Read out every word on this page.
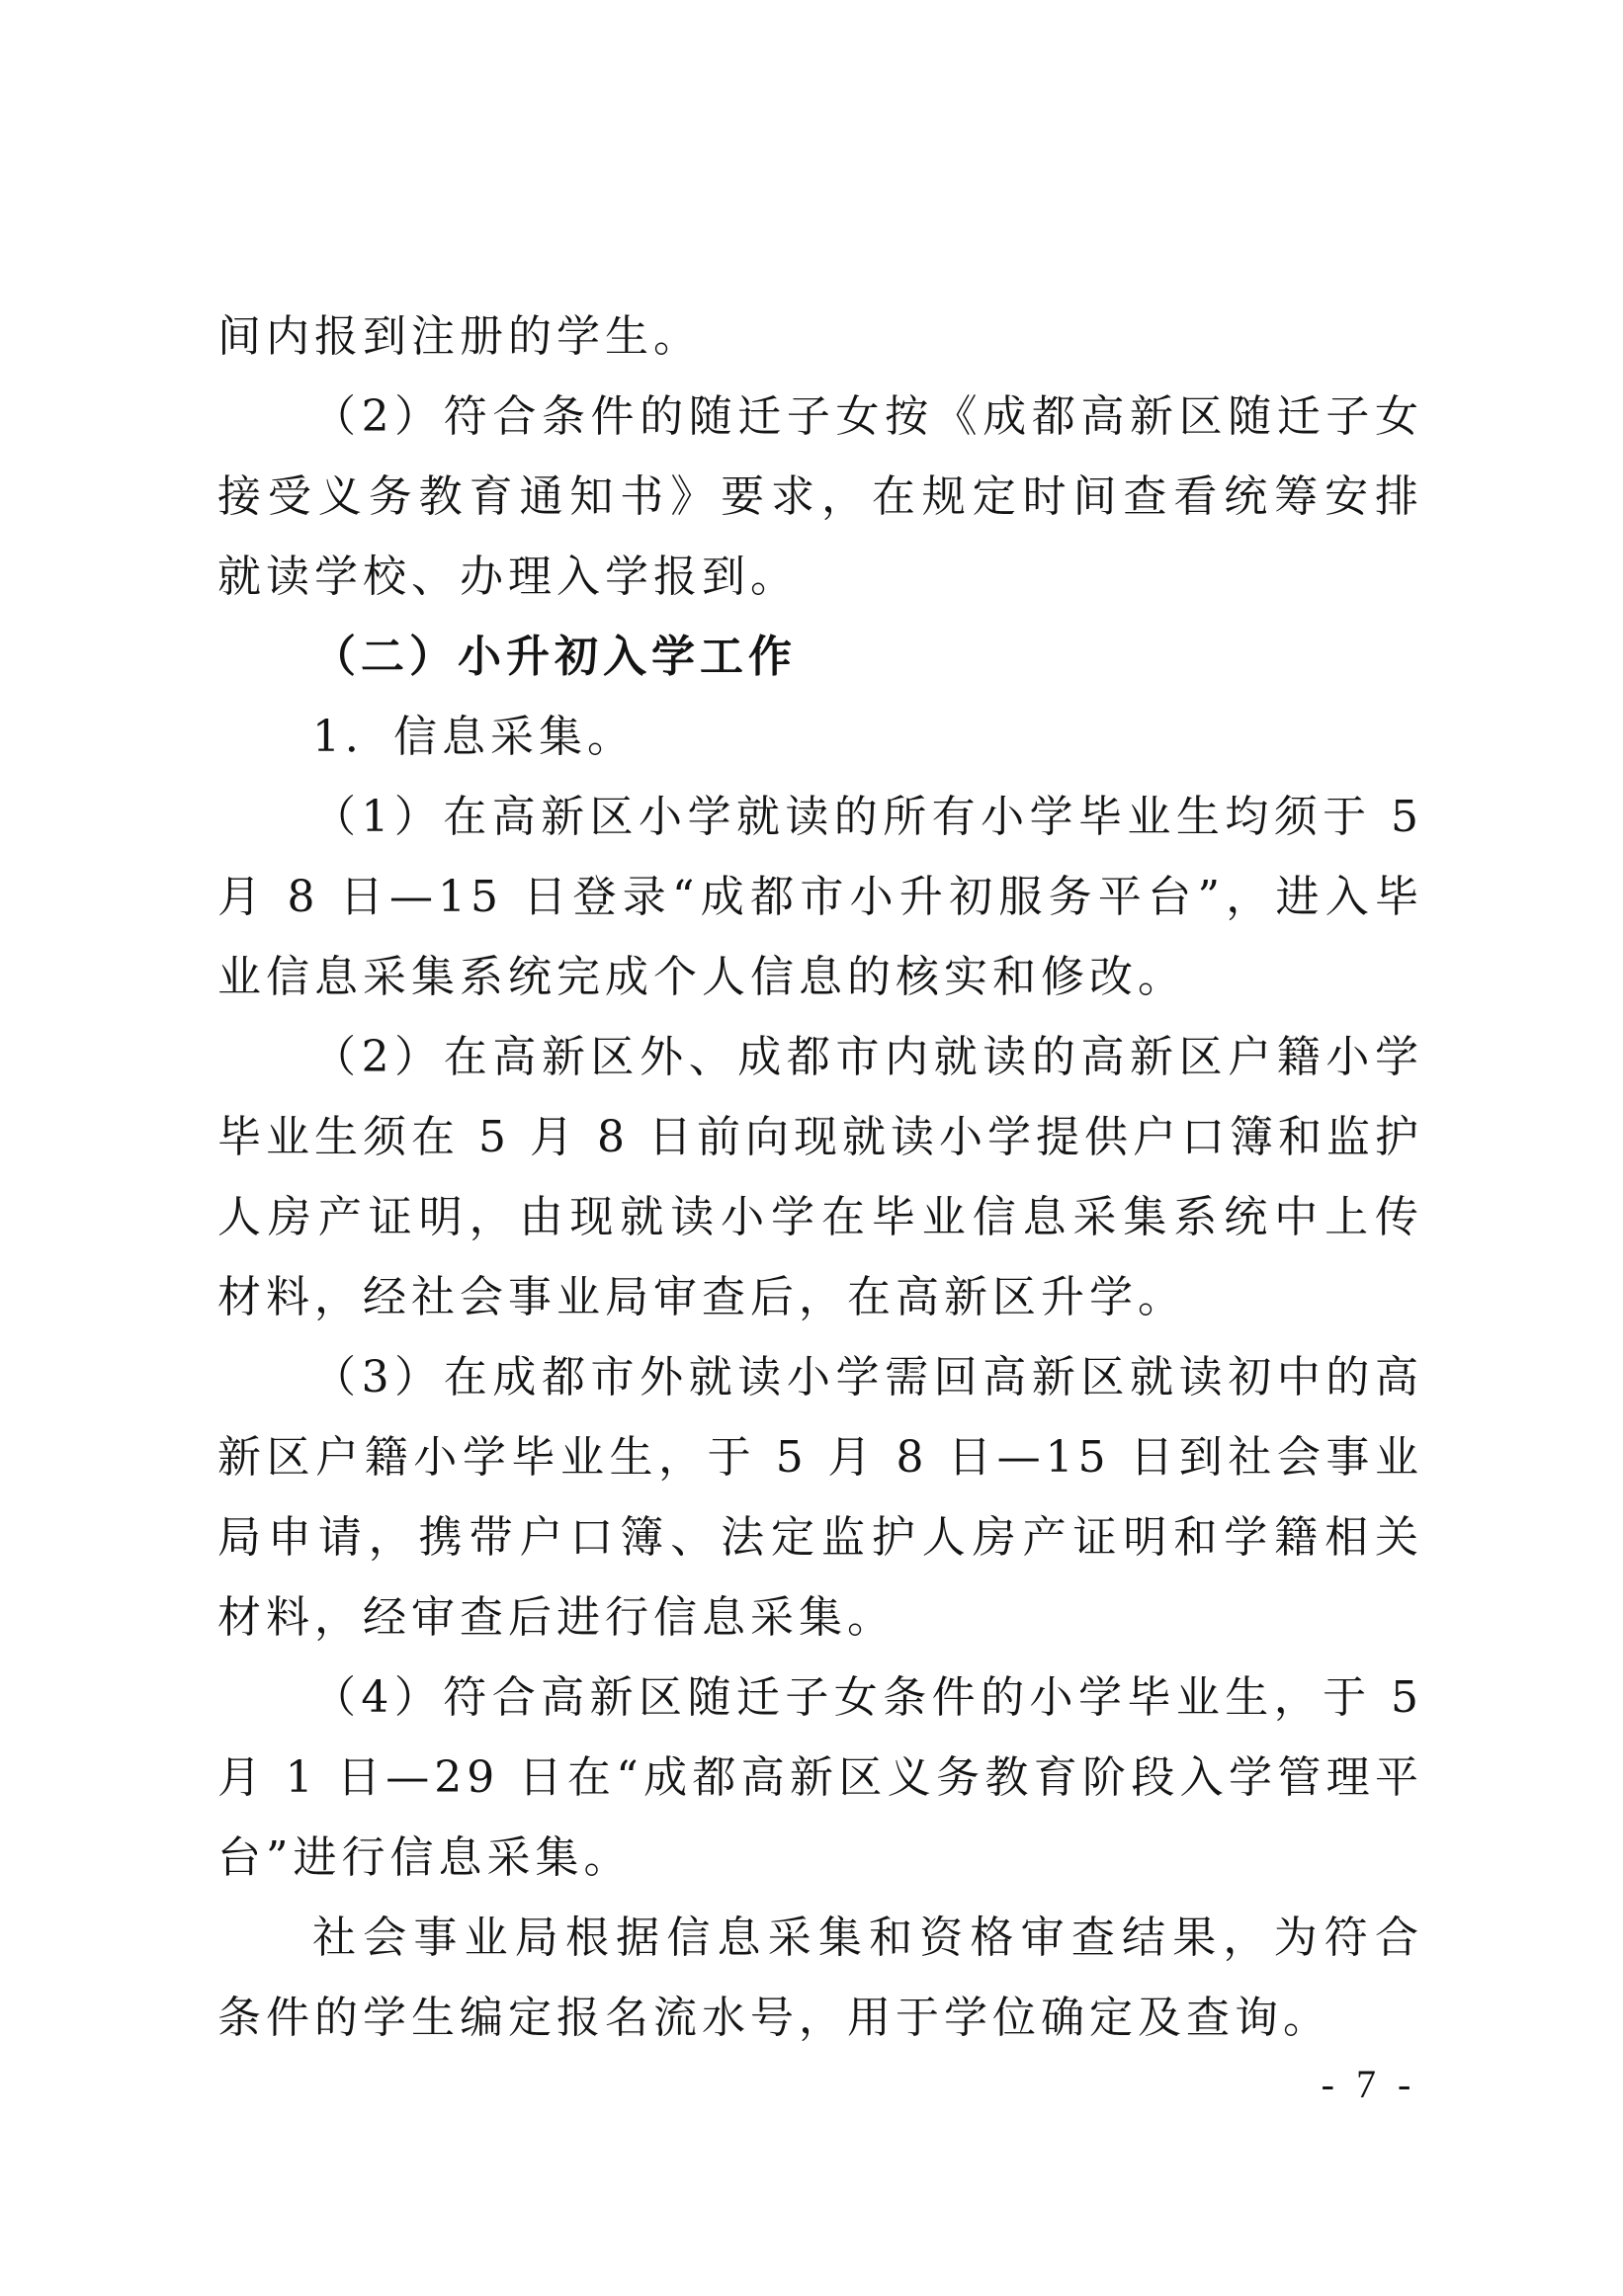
间内报到注册的学生。

（2）符合条件的随迁子女按《成都高新区随迁子女接受义务教育通知书》要求，在规定时间查看统筹安排就读学校、办理入学报到。

（二）小升初入学工作

1．信息采集。

（1）在高新区小学就读的所有小学毕业生均须于 5 月 8 日—15 日登录“成都市小升初服务平台”，进入毕业信息采集系统完成个人信息的核实和修改。

（2）在高新区外、成都市内就读的高新区户籍小学毕业生须在 5 月 8 日前向现就读小学提供户口簿和监护人房产证明，由现就读小学在毕业信息采集系统中上传材料，经社会事业局审查后，在高新区升学。

（3）在成都市外就读小学需回高新区就读初中的高新区户籍小学毕业生，于 5 月 8 日—15 日到社会事业局申请，携带户口簿、法定监护人房产证明和学籍相关材料，经审查后进行信息采集。

（4）符合高新区随迁子女条件的小学毕业生，于 5 月 1 日—29 日在“成都高新区义务教育阶段入学管理平台”进行信息采集。

社会事业局根据信息采集和资格审查结果，为符合条件的学生编定报名流水号，用于学位确定及查询。

- 7 -
